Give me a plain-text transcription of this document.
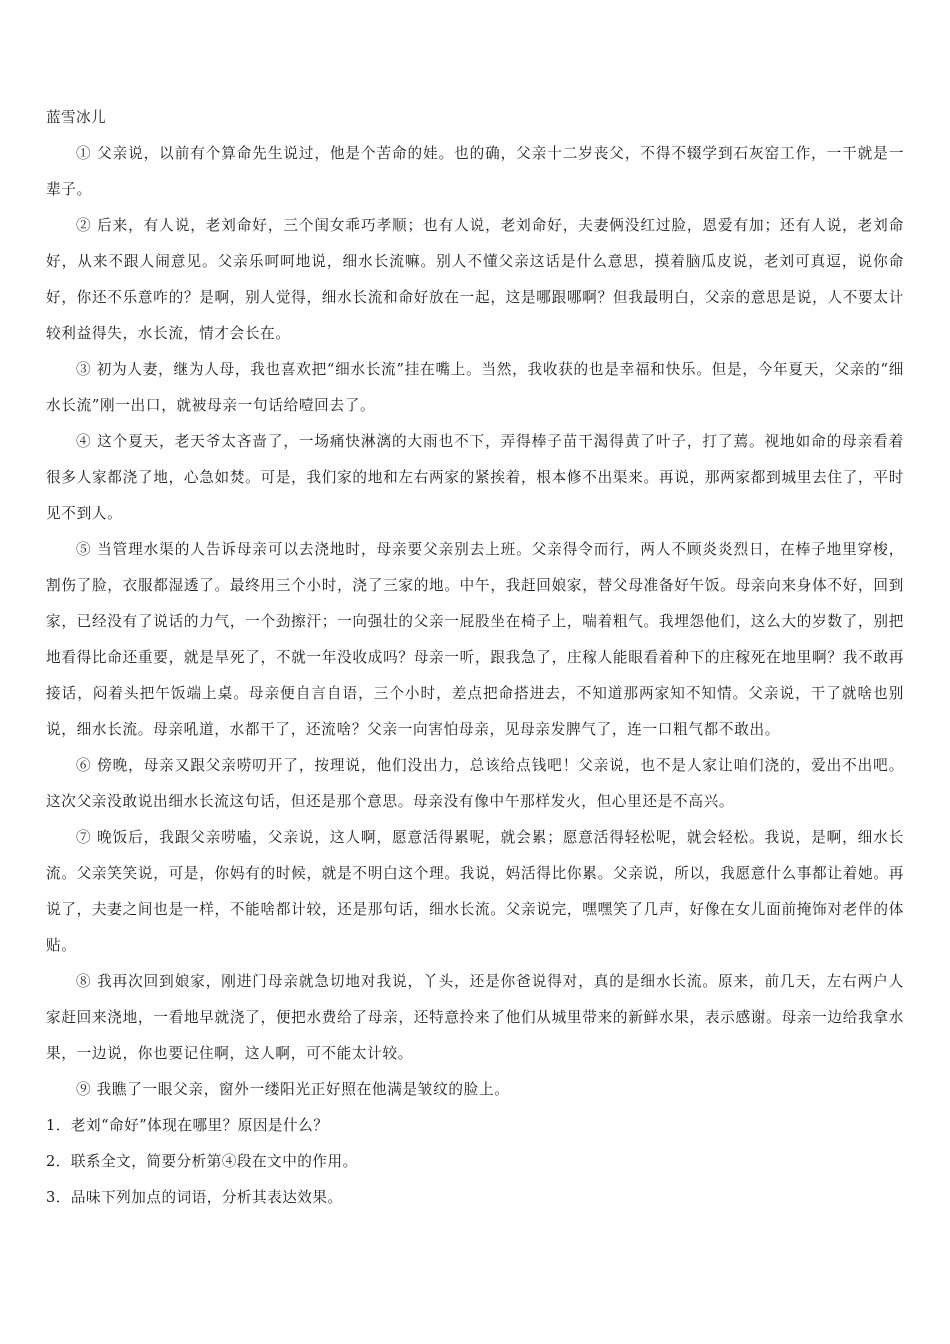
蓝雪冰儿

① 父亲说，以前有个算命先生说过，他是个苦命的娃。也的确，父亲十二岁丧父，不得不辍学到石灰窑工作，一干就是一辈子。

② 后来，有人说，老刘命好，三个闺女乖巧孝顺；也有人说，老刘命好，夫妻俩没红过脸，恩爱有加；还有人说，老刘命好，从来不跟人闹意见。父亲乐呵呵地说，细水长流嘛。别人不懂父亲这话是什么意思，摸着脑瓜皮说，老刘可真逗，说你命好，你还不乐意咋的？是啊，别人觉得，细水长流和命好放在一起，这是哪跟哪啊？但我最明白，父亲的意思是说，人不要太计较利益得失，水长流，情才会长在。

③ 初为人妻，继为人母，我也喜欢把“细水长流”挂在嘴上。当然，我收获的也是幸福和快乐。但是，今年夏天，父亲的“细水长流”刚一出口，就被母亲一句话给噎回去了。

④ 这个夏天，老天爷太吝啬了，一场痛快淋漓的大雨也不下，弄得棒子苗干渴得黄了叶子，打了蔫。视地如命的母亲看着很多人家都浇了地，心急如焚。可是，我们家的地和左右两家的紧挨着，根本修不出渠来。再说，那两家都到城里去住了，平时见不到人。

⑤ 当管理水渠的人告诉母亲可以去浇地时，母亲要父亲别去上班。父亲得令而行，两人不顾炎炎烈日，在棒子地里穿梭，割伤了脸，衣服都湿透了。最终用三个小时，浇了三家的地。中午，我赶回娘家，替父母准备好午饭。母亲向来身体不好，回到家，已经没有了说话的力气，一个劲擦汗；一向强壮的父亲一屁股坐在椅子上，喘着粗气。我埋怨他们，这么大的岁数了，别把地看得比命还重要，就是旱死了，不就一年没收成吗？母亲一听，跟我急了，庄稼人能眼看着种下的庄稼死在地里啊？我不敢再接话，闷着头把午饭端上桌。母亲便自言自语，三个小时，差点把命搭进去，不知道那两家知不知情。父亲说，干了就啥也别说，细水长流。母亲吼道，水都干了，还流啥？父亲一向害怕母亲，见母亲发脾气了，连一口粗气都不敢出。

⑥ 傍晚，母亲又跟父亲唠叨开了，按理说，他们没出力，总该给点钱吧！父亲说，也不是人家让咱们浇的，爱出不出吧。这次父亲没敢说出细水长流这句话，但还是那个意思。母亲没有像中午那样发火，但心里还是不高兴。

⑦ 晚饭后，我跟父亲唠嗑，父亲说，这人啊，愿意活得累呢，就会累；愿意活得轻松呢，就会轻松。我说，是啊，细水长流。父亲笑笑说，可是，你妈有的时候，就是不明白这个理。我说，妈活得比你累。父亲说，所以，我愿意什么事都让着她。再说了，夫妻之间也是一样，不能啥都计较，还是那句话，细水长流。父亲说完，嘿嘿笑了几声，好像在女儿面前掩饰对老伴的体贴。

⑧ 我再次回到娘家，刚进门母亲就急切地对我说，丫头，还是你爸说得对，真的是细水长流。原来，前几天，左右两户人家赶回来浇地，一看地早就浇了，便把水费给了母亲，还特意拎来了他们从城里带来的新鲜水果，表示感谢。母亲一边给我拿水果，一边说，你也要记住啊，这人啊，可不能太计较。

⑨ 我瞧了一眼父亲，窗外一缕阳光正好照在他满是皱纹的脸上。

1．老刘“命好”体现在哪里？原因是什么？

2．联系全文，简要分析第④段在文中的作用。

3．品味下列加点的词语，分析其表达效果。
